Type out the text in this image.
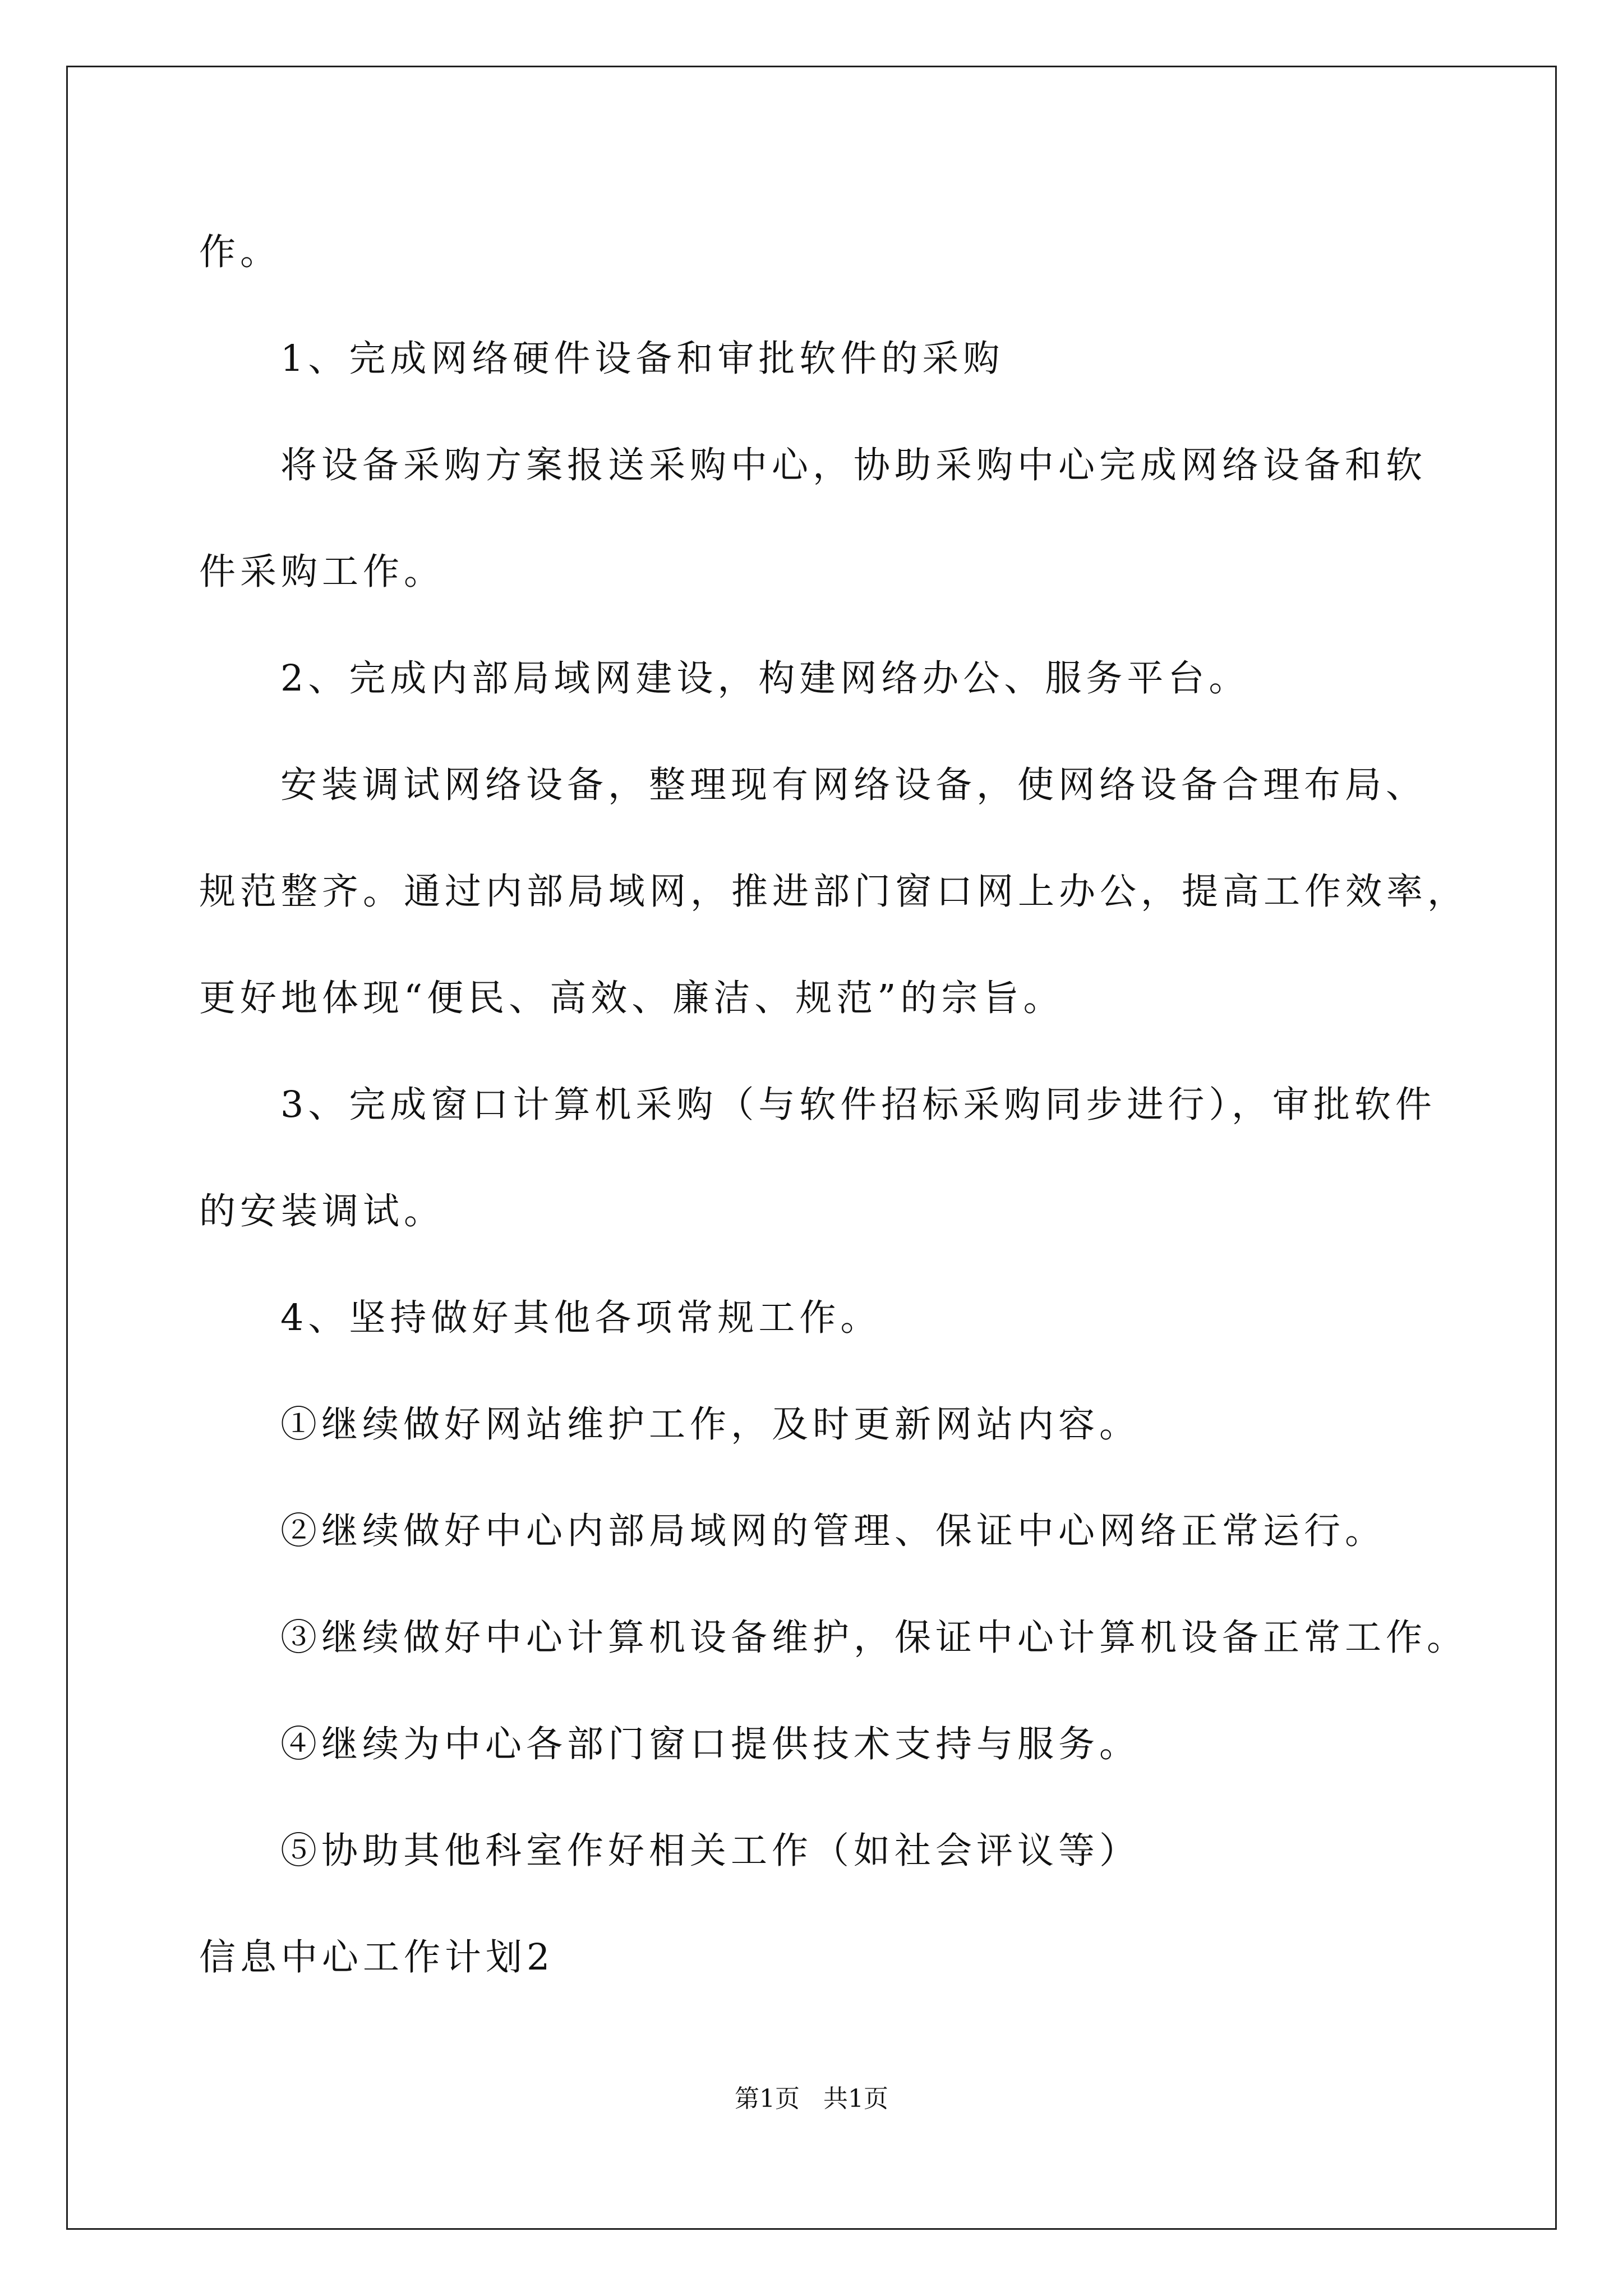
作。
1、完成网络硬件设备和审批软件的采购
将设备采购方案报送采购中心，协助采购中心完成网络设备和软
件采购工作。
2、完成内部局域网建设，构建网络办公、服务平台。
安装调试网络设备，整理现有网络设备，使网络设备合理布局、
规范整齐。通过内部局域网，推进部门窗口网上办公，提高工作效率，
更好地体现“便民、高效、廉洁、规范”的宗旨。
3、完成窗口计算机采购（与软件招标采购同步进行），审批软件
的安装调试。
4、坚持做好其他各项常规工作。
①继续做好网站维护工作，及时更新网站内容。
②继续做好中心内部局域网的管理、保证中心网络正常运行。
③继续做好中心计算机设备维护，保证中心计算机设备正常工作。
④继续为中心各部门窗口提供技术支持与服务。
⑤协助其他科室作好相关工作（如社会评议等）
信息中心工作计划2
第1页   共1页
